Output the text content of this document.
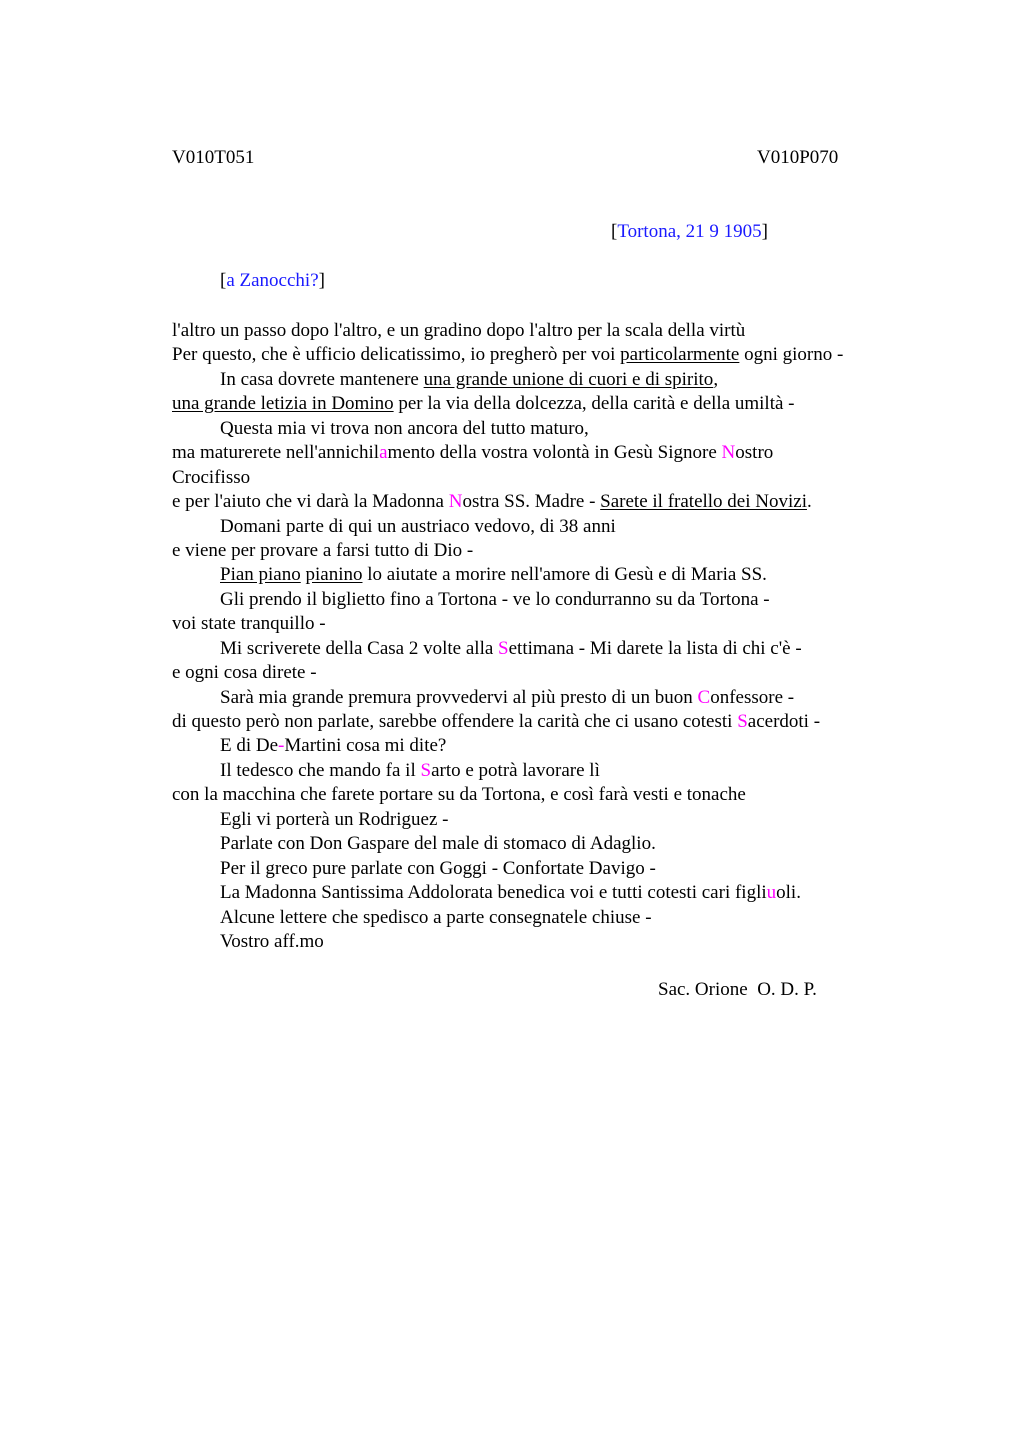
V010T051	V010P070
[Tortona, 21 9 1905]
[a Zanocchi?]
l'altro un passo dopo l'altro, e un gradino dopo l'altro per la scala della virtù
Per questo, che è ufficio delicatissimo, io pregherò per voi particolarmente ogni giorno -
In casa dovrete mantenere una grande unione di cuori e di spirito,
una grande letizia in Domino per la via della dolcezza, della carità e della umiltà -
Questa mia vi trova non ancora del tutto maturo,
ma maturerete nell'annichilamento della vostra volontà in Gesù Signore Nostro
Crocifisso
e per l'aiuto che vi darà la Madonna Nostra SS. Madre - Sarete il fratello dei Novizi.
Domani parte di qui un austriaco vedovo, di 38 anni
e viene per provare a farsi tutto di Dio -
Pian piano pianino lo aiutate a morire nell'amore di Gesù e di Maria SS.
Gli prendo il biglietto fino a Tortona - ve lo condurranno su da Tortona -
voi state tranquillo -
Mi scriverete della Casa 2 volte alla Settimana - Mi darete la lista di chi c'è -
e ogni cosa direte -
Sarà mia grande premura provvedervi al più presto di un buon Confessore -
di questo però non parlate, sarebbe offendere la carità che ci usano cotesti Sacerdoti -
E di De-Martini cosa mi dite?
Il tedesco che mando fa il Sarto e potrà lavorare lì
con la macchina che farete portare su da Tortona, e così farà vesti e tonache
Egli vi porterà un Rodriguez -
Parlate con Don Gaspare del male di stomaco di Adaglio.
Per il greco pure parlate con Goggi - Confortate Davigo -
La Madonna Santissima Addolorata benedica voi e tutti cotesti cari figliuoli.
Alcune lettere che spedisco a parte consegnatele chiuse -
Vostro aff.mo
Sac. Orione  O. D. P.
